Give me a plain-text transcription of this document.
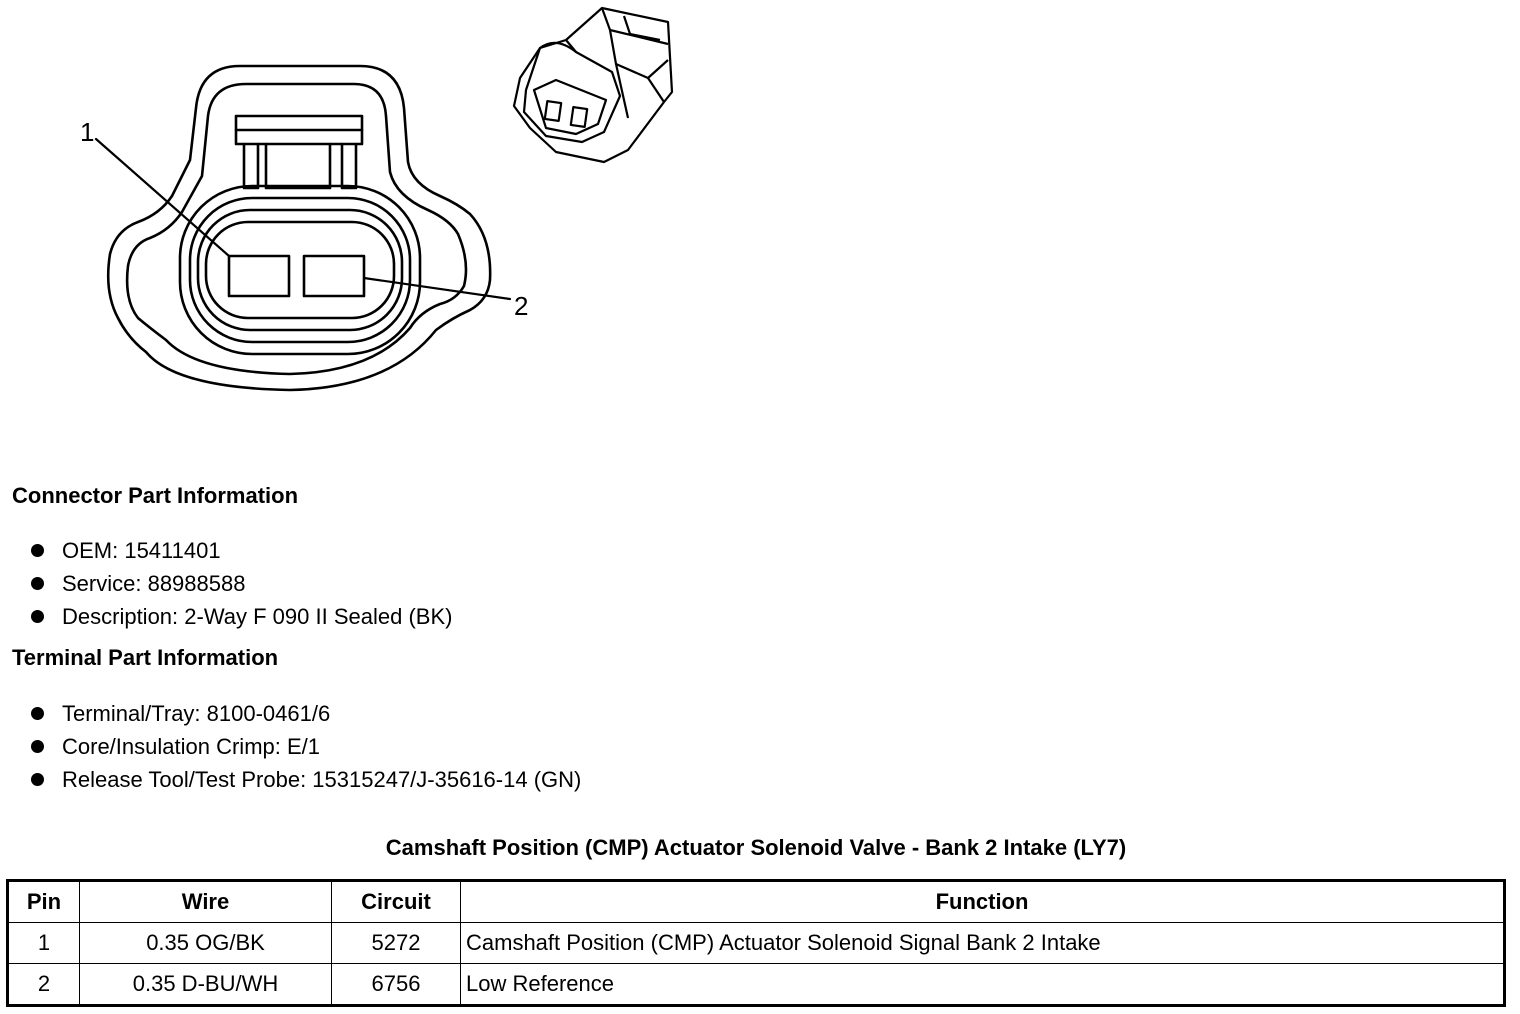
1
2
Connector Part Information
OEM: 15411401
Service: 88988588
Description: 2-Way F 090 II Sealed (BK)
Terminal Part Information
Terminal/Tray: 8100-0461/6
Core/Insulation Crimp: E/1
Release Tool/Test Probe: 15315247/J-35616-14 (GN)
Camshaft Position (CMP) Actuator Solenoid Valve - Bank 2 Intake (LY7)
Pin	Wire	Circuit	Function
1	0.35 OG/BK	5272	Camshaft Position (CMP) Actuator Solenoid Signal Bank 2 Intake
2	0.35 D-BU/WH	6756	Low Reference
